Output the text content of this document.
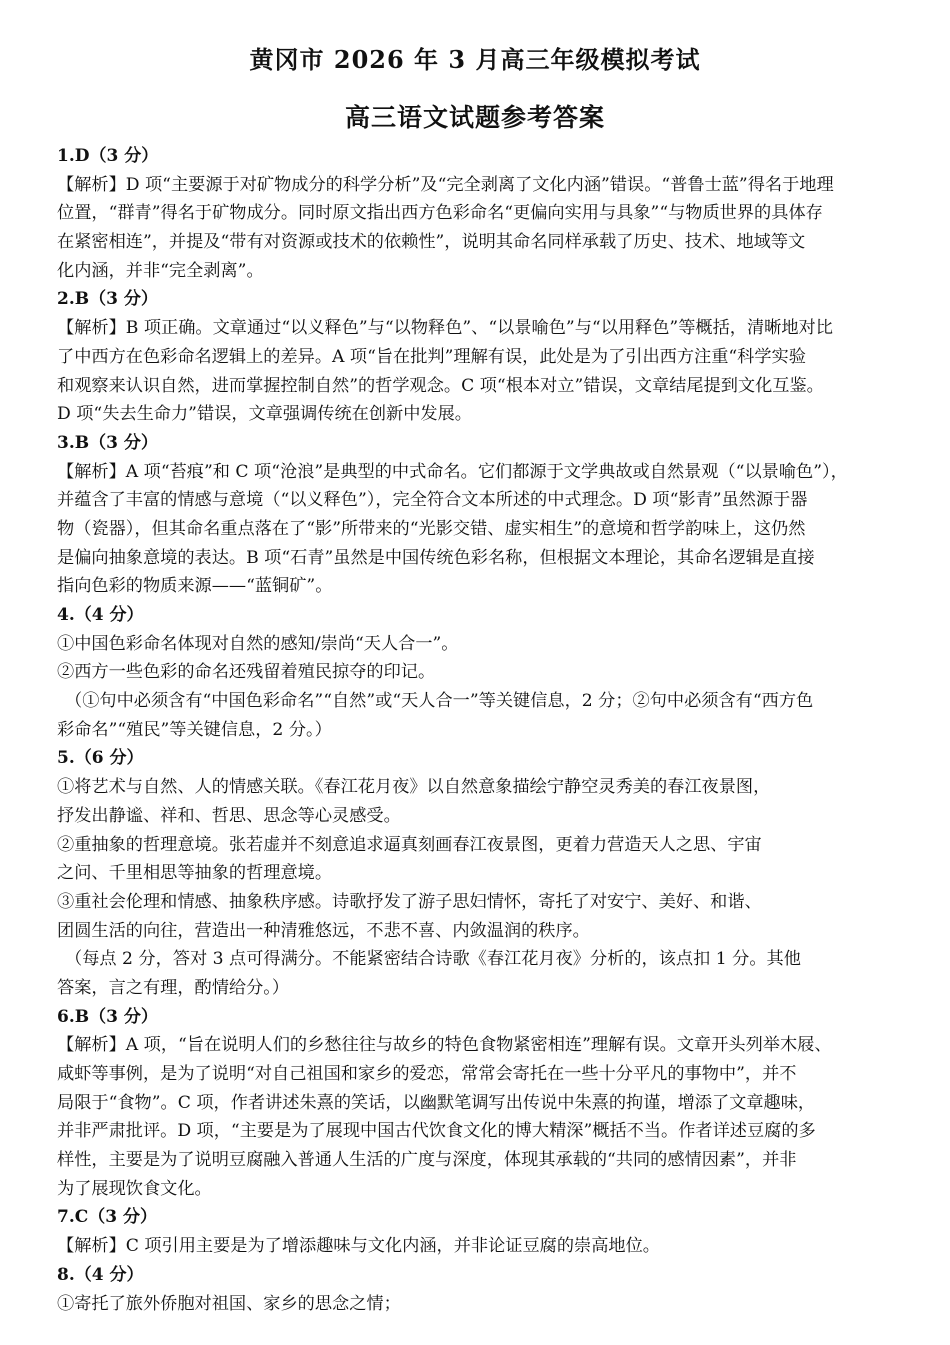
黄冈市 2026 年 3 月高三年级模拟考试
高三语文试题参考答案
1.D（3 分）
【解析】D 项“主要源于对矿物成分的科学分析”及“完全剥离了文化内涵”错误。“普鲁士蓝”得名于地理
位置，“群青”得名于矿物成分。同时原文指出西方色彩命名“更偏向实用与具象”“与物质世界的具体存
在紧密相连”，并提及“带有对资源或技术的依赖性”，说明其命名同样承载了历史、技术、地域等文
化内涵，并非“完全剥离”。
2.B（3 分）
【解析】B 项正确。文章通过“以义释色”与“以物释色”、“以景喻色”与“以用释色”等概括，清晰地对比
了中西方在色彩命名逻辑上的差异。A 项“旨在批判”理解有误，此处是为了引出西方注重“科学实验
和观察来认识自然，进而掌握控制自然”的哲学观念。C 项“根本对立”错误，文章结尾提到文化互鉴。
D 项“失去生命力”错误，文章强调传统在创新中发展。
3.B（3 分）
【解析】A 项“苔痕”和 C 项“沧浪”是典型的中式命名。它们都源于文学典故或自然景观（“以景喻色”），
并蕴含了丰富的情感与意境（“以义释色”），完全符合文本所述的中式理念。D 项“影青”虽然源于器
物（瓷器），但其命名重点落在了“影”所带来的“光影交错、虚实相生”的意境和哲学韵味上，这仍然
是偏向抽象意境的表达。B 项“石青”虽然是中国传统色彩名称，但根据文本理论，其命名逻辑是直接
指向色彩的物质来源——“蓝铜矿”。
4.（4 分）
①中国色彩命名体现对自然的感知/崇尚“天人合一”。
②西方一些色彩的命名还残留着殖民掠夺的印记。
（①句中必须含有“中国色彩命名”“自然”或“天人合一”等关键信息，2 分；②句中必须含有“西方色
彩命名”“殖民”等关键信息，2 分。）
5.（6 分）
①将艺术与自然、人的情感关联。《春江花月夜》以自然意象描绘宁静空灵秀美的春江夜景图，
抒发出静谧、祥和、哲思、思念等心灵感受。
②重抽象的哲理意境。张若虚并不刻意追求逼真刻画春江夜景图，更着力营造天人之思、宇宙
之问、千里相思等抽象的哲理意境。
③重社会伦理和情感、抽象秩序感。诗歌抒发了游子思妇情怀，寄托了对安宁、美好、和谐、
团圆生活的向往，营造出一种清雅悠远，不悲不喜、内敛温润的秩序。
（每点 2 分，答对 3 点可得满分。不能紧密结合诗歌《春江花月夜》分析的，该点扣 1 分。其他
答案，言之有理，酌情给分。）
6.B（3 分）
【解析】A 项，“旨在说明人们的乡愁往往与故乡的特色食物紧密相连”理解有误。文章开头列举木屐、
咸虾等事例，是为了说明“对自己祖国和家乡的爱恋，常常会寄托在一些十分平凡的事物中”，并不
局限于“食物”。C 项，作者讲述朱熹的笑话，以幽默笔调写出传说中朱熹的拘谨，增添了文章趣味，
并非严肃批评。D 项，“主要是为了展现中国古代饮食文化的博大精深”概括不当。作者详述豆腐的多
样性，主要是为了说明豆腐融入普通人生活的广度与深度，体现其承载的“共同的感情因素”，并非
为了展现饮食文化。
7.C（3 分）
【解析】C 项引用主要是为了增添趣味与文化内涵，并非论证豆腐的崇高地位。
8.（4 分）
①寄托了旅外侨胞对祖国、家乡的思念之情；
